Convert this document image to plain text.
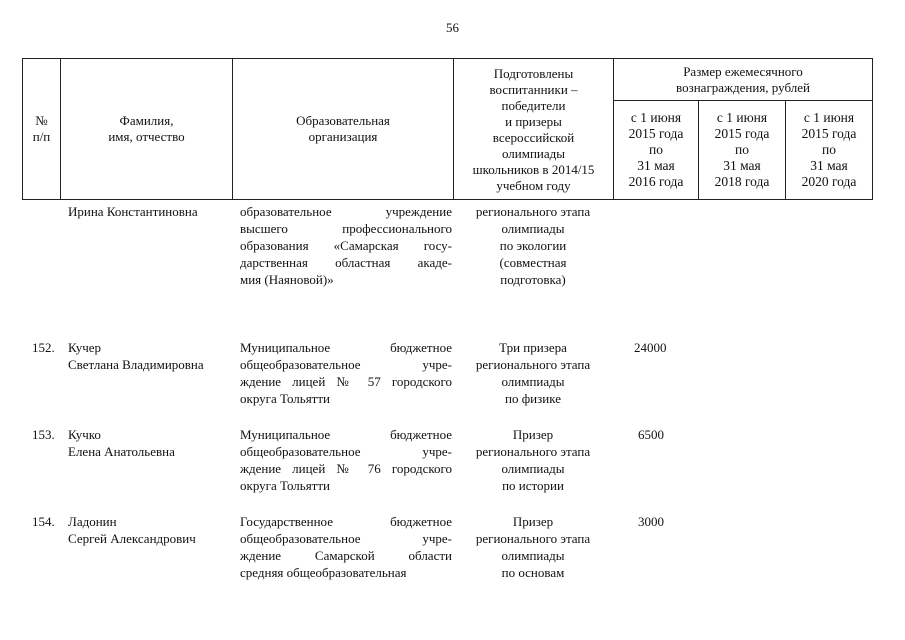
56
№
п/п
Фамилия,
имя, отчество
Образовательная
организация
Подготовлены
воспитанники –
победители
и призеры
всероссийской
олимпиады
школьников в 2014/15
учебном году
Размер ежемесячного
вознаграждения, рублей
с 1 июня
2015 года
по
31 мая
2016 года
с 1 июня
2015 года
по
31 мая
2018 года
с 1 июня
2015 года
по
31 мая
2020 года
Ирина Константиновна	образовательное учреждение
высшего профессионального
образования «Самарская госу-
дарственная областная акаде-
мия (Наяновой)»
регионального этапа
олимпиады
по экологии
(совместная
подготовка)
152. Кучер
Светлана Владимировна
Муниципальное бюджетное
общеобразовательное учре-
ждение лицей № 57 городского
округа Тольятти
Три призера
регионального этапа
олимпиады
по физике
24000
153. Кучко
Елена Анатольевна
Муниципальное бюджетное
общеобразовательное учре-
ждение лицей № 76 городского
округа Тольятти
Призер
регионального этапа
олимпиады
по истории
6500
154. Ладонин
Сергей Александрович
Государственное бюджетное
общеобразовательное учре-
ждение Самарской области
средняя общеобразовательная
Призер
регионального этапа
олимпиады
по основам
3000
